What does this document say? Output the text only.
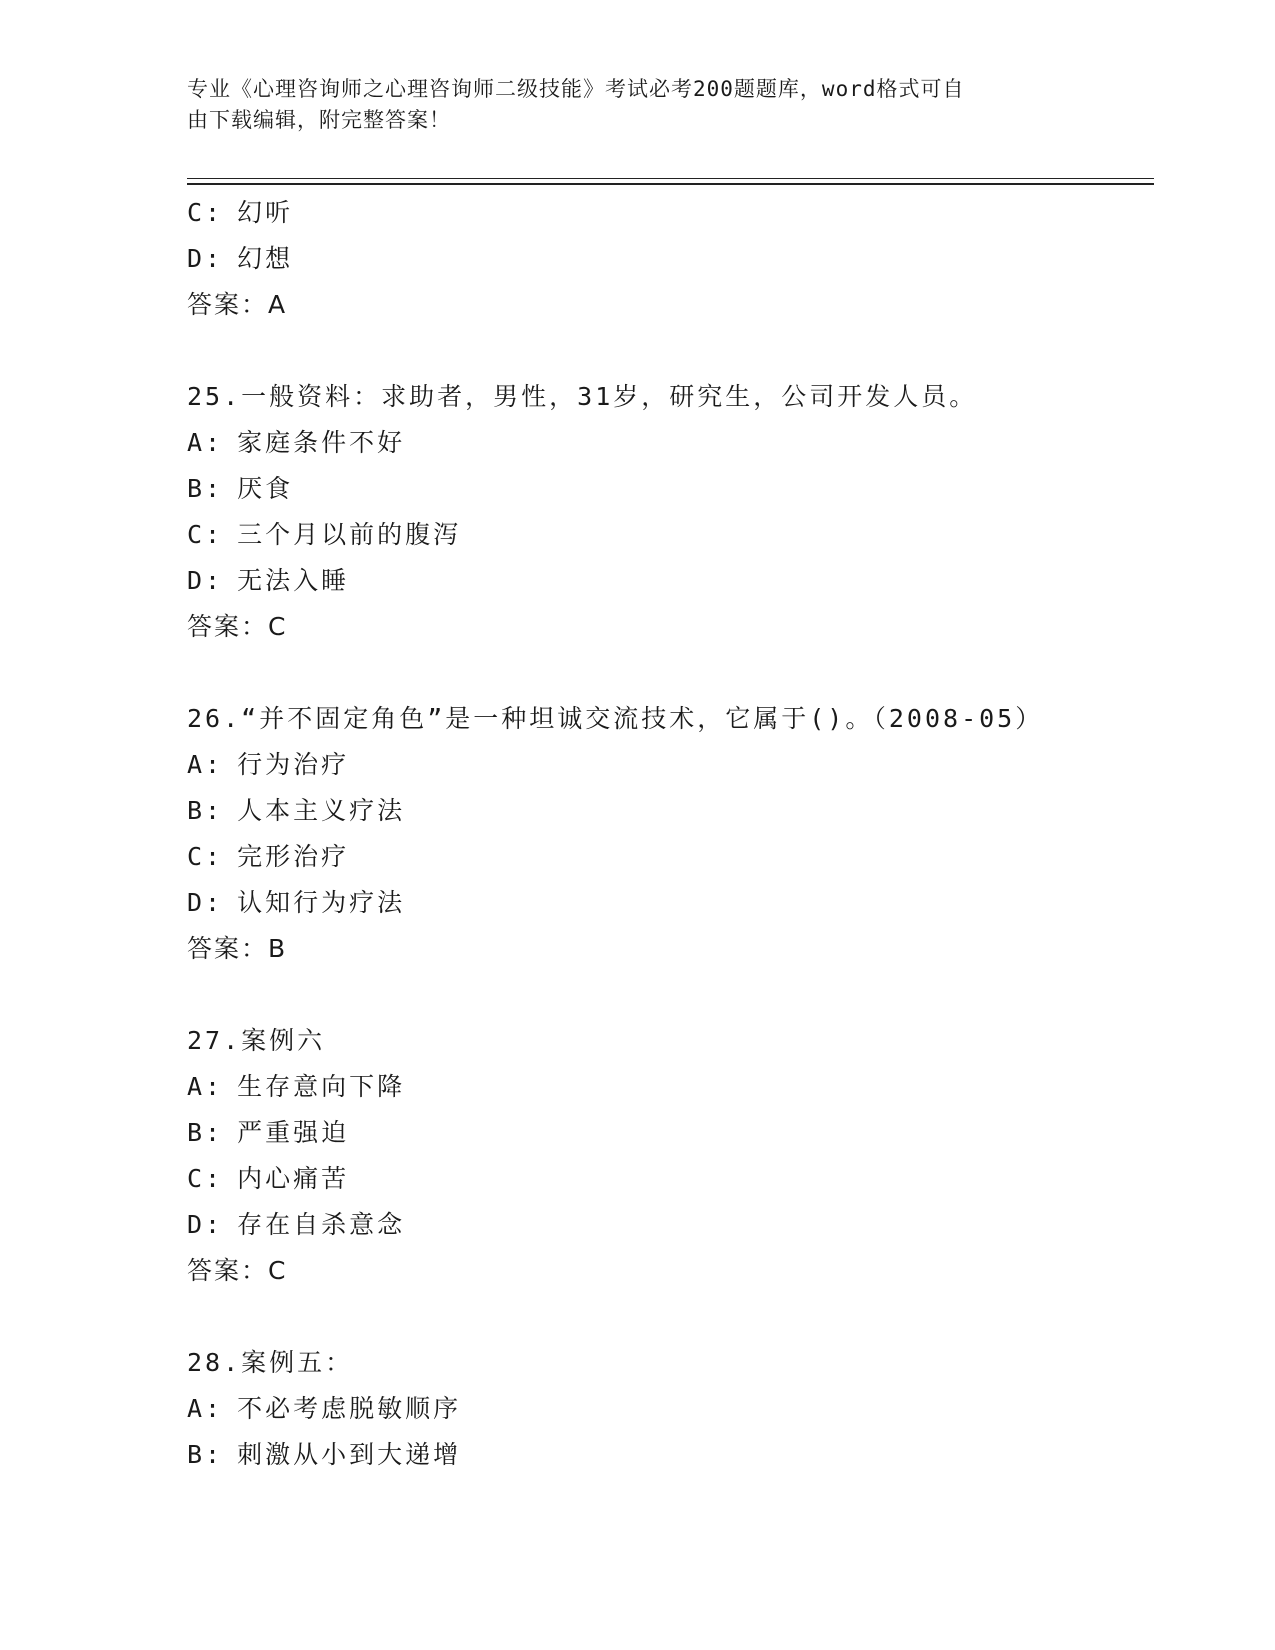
专业《心理咨询师之心理咨询师二级技能》考试必考200题题库，word格式可自
由下载编辑，附完整答案！
C: 幻听
D: 幻想
答案：A
25.一般资料：求助者，男性，31岁，研究生，公司开发人员。
A: 家庭条件不好
B: 厌食
C: 三个月以前的腹泻
D: 无法入睡
答案：C
26.“并不固定角色”是一种坦诚交流技术，它属于()。（2008-05）
A: 行为治疗
B: 人本主义疗法
C: 完形治疗
D: 认知行为疗法
答案：B
27.案例六
A: 生存意向下降
B: 严重强迫
C: 内心痛苦
D: 存在自杀意念
答案：C
28.案例五：
A: 不必考虑脱敏顺序
B: 刺激从小到大递增
